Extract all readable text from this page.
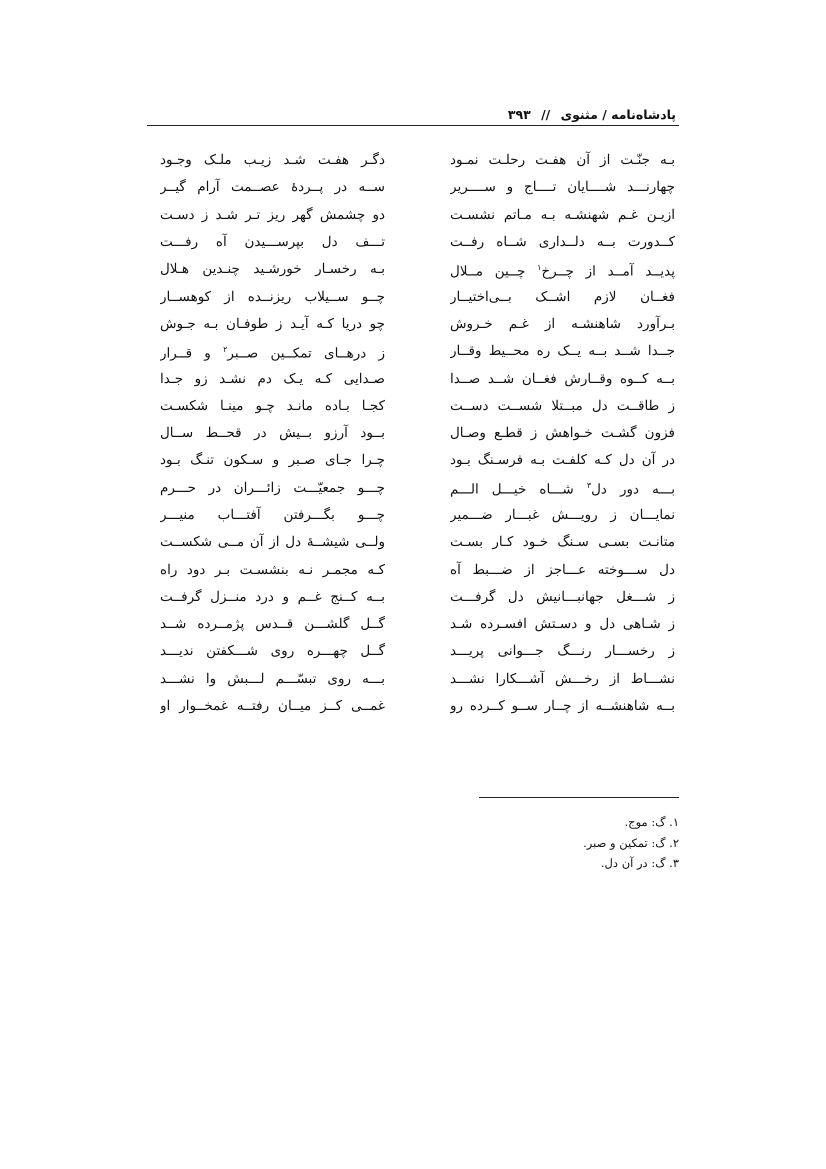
پادشاه‌نامه / مثنوی // ۳۹۳
بـه جنّـت از آن هفـت رحلـت نمـود
دگـر هفـت شـد زیـب ملـک وجـود
چهارنـــد شــــایان تــــاج و ســــریر
ســه در پــردهٔ عصــمت آرام گیــر
ازیـن غـم شهنشـه بـه مـاتم نشسـت
دو چشمش گهر ریز تـر شـد ز دسـت
کــدورت بــه دلــداری شــاه رفــت
تـــف دل بپرســـیدن آه رفـــت
پدیــد آمــد از چــرخ$^۱$ چــین مــلال
بـه رخسـار خورشـید چنـدین هـلال
فغــان لازم اشــک بــی‌اختیــار
چــو ســیلاب ریزنــده از کوهســار
بـرآورد شاهنشـه از غـم خـروش
چو دریا کـه آیـد ز طوفـان بـه جـوش
جــدا شــد بــه یــک ره محــیط وقــار
ز درهــای تمکــین صــبر$^۲$ و قــرار
بــه کــوه وقــارش فغــان شــد صــدا
صـدایی کـه یـک دم نشـد زو جـدا
ز طاقــت دل مبــتلا شســت دســت
کجـا بـاده مانـد چـو مینـا شکسـت
فزون گشـت خـواهش ز قطـع وصـال
بــود آرزو بــیش در قحــط ســال
در آن دل کـه کلفـت بـه فرسـنگ بـود
چـرا جـای صـبر و سـکون تنـگ بـود
بـــه دور دل$^۳$ شـــاه خیـــل الـــم
چـــو جمعیّـــت زائـــران در حـــرم
نمایـــان ز رویـــش غبـــار ضـــمیر
چـــو بگـــرفتن آفتـــاب منیـــر
متانـت بسـی سـنگ خـود کـار بسـت
ولــی شیشــهٔ دل از آن مــی شکســت
دل ســـوخته عـــاجز از ضـــبط آه
کـه مجمـر نـه بنشسـت بـر دود راه
ز شـــغل جهانبـــانیش دل گرفـــت
بــه کــنج غــم و درد منــزل گرفــت
ز شـاهی دل و دسـتش افسـرده شـد
گــل گلشـــن قــدس پژمــرده شــد
ز رخســـار رنـــگ جـــوانی پریـــد
گــل چهـــره روی شـــکفتن ندیـــد
نشـــاط از رخـــش آشـــکارا نشـــد
بـــه روی تبسّـــم لـــبش وا نشـــد
بــه شاهنشــه از چــار ســو کــرده رو
غمــی کــز میــان رفتــه غمخــوار او
۱. گ: موج.
۲. گ: تمکین و صبر.
۳. گ: در آن دل.
